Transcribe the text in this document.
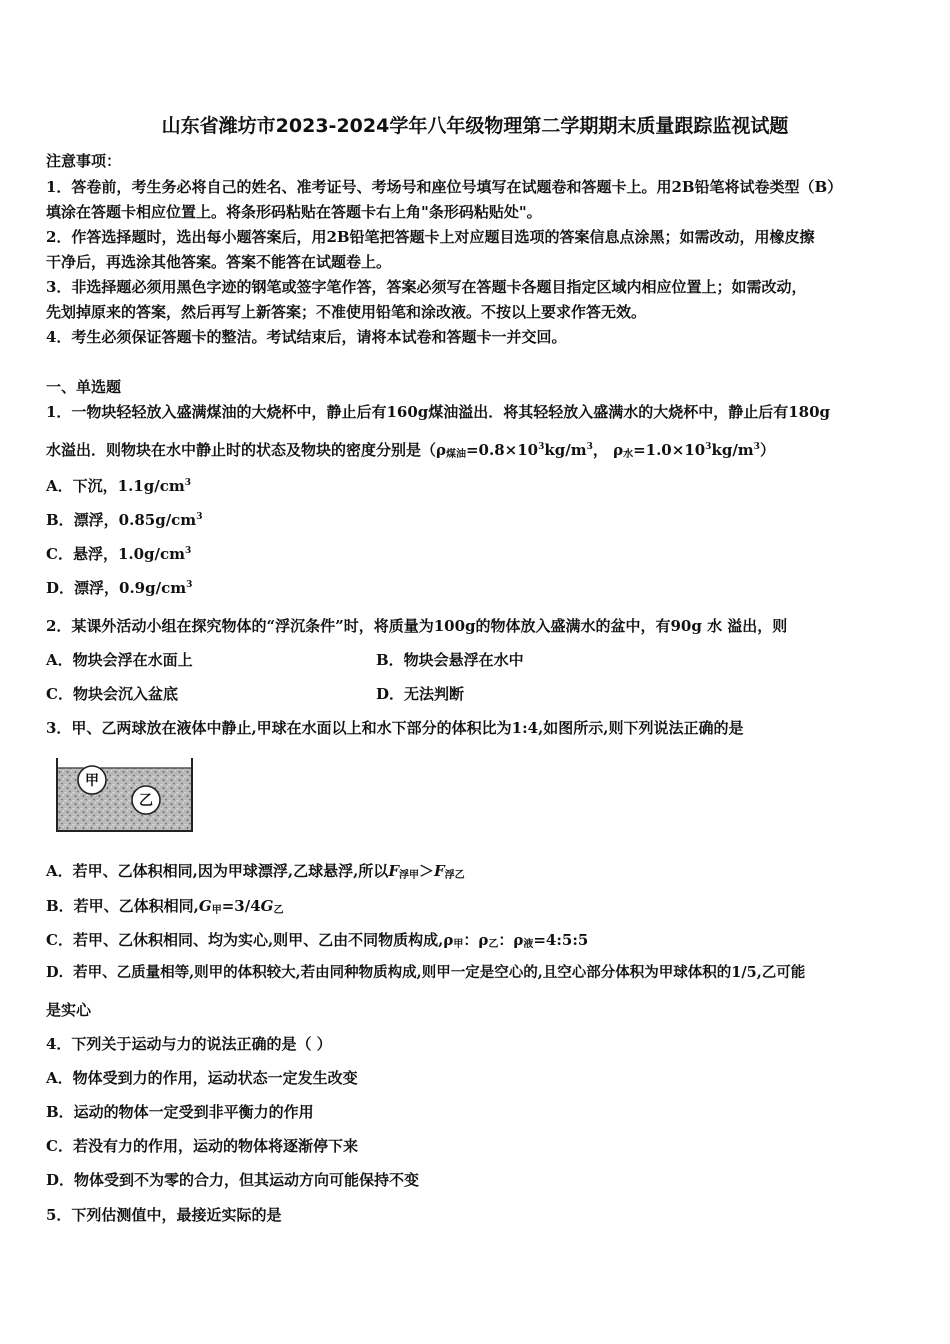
山东省潍坊市2023-2024学年八年级物理第二学期期末质量跟踪监视试题
注意事项：
1．答卷前，考生务必将自己的姓名、准考证号、考场号和座位号填写在试题卷和答题卡上。用2B铅笔将试卷类型（B）
填涂在答题卡相应位置上。将条形码粘贴在答题卡右上角"条形码粘贴处"。
2．作答选择题时，选出每小题答案后，用2B铅笔把答题卡上对应题目选项的答案信息点涂黑；如需改动，用橡皮擦
干净后，再选涂其他答案。答案不能答在试题卷上。
3．非选择题必须用黑色字迹的钢笔或签字笔作答，答案必须写在答题卡各题目指定区域内相应位置上；如需改动，
先划掉原来的答案，然后再写上新答案；不准使用铅笔和涂改液。不按以上要求作答无效。
4．考生必须保证答题卡的整洁。考试结束后，请将本试卷和答题卡一并交回。
一、单选题
1．一物块轻轻放入盛满煤油的大烧杯中，静止后有160g煤油溢出．将其轻轻放入盛满水的大烧杯中，静止后有180g
水溢出．则物块在水中静止时的状态及物块的密度分别是（$\rho_{煤油}=0.8\times 10^3kg/m^3$， $\rho_水=1.0\times 10^3kg/m^3$）
A．下沉，$1.1g/cm^3$
B．漂浮，$0.85g/cm^3$
C．悬浮，$1.0g/cm^3$
D．漂浮，$0.9g/cm^3$
2．某课外活动小组在探究物体的“浮沉条件”时，将质量为100g的物体放入盛满水的盆中，有90g 水 溢出，则
A．物块会浮在水面上	B．物块会悬浮在水中
C．物块会沉入盆底	D．无法判断
3．甲、乙两球放在液体中静止,甲球在水面以上和水下部分的体积比为1:4,如图所示,则下列说法正确的是
甲
乙
A．若甲、乙体积相同,因为甲球漂浮,乙球悬浮,所以$F_{浮甲}>F_{浮乙}$
B．若甲、乙体积相同$,G_甲=3/4G_乙$
C．若甲、乙休积相同、均为实心,则甲、乙由不同物质构成$,\rho_甲$：$\rho_乙$：$\rho_液=4:5:5$
D．若甲、乙质量相等,则甲的体积较大,若由同种物质构成,则甲一定是空心的,且空心部分体积为甲球体积的1/5,乙可能
是实心
4．下列关于运动与力的说法正确的是（ ）
A．物体受到力的作用，运动状态一定发生改变
B．运动的物体一定受到非平衡力的作用
C．若没有力的作用，运动的物体将逐渐停下来
D．物体受到不为零的合力，但其运动方向可能保持不变
5．下列估测值中，最接近实际的是
